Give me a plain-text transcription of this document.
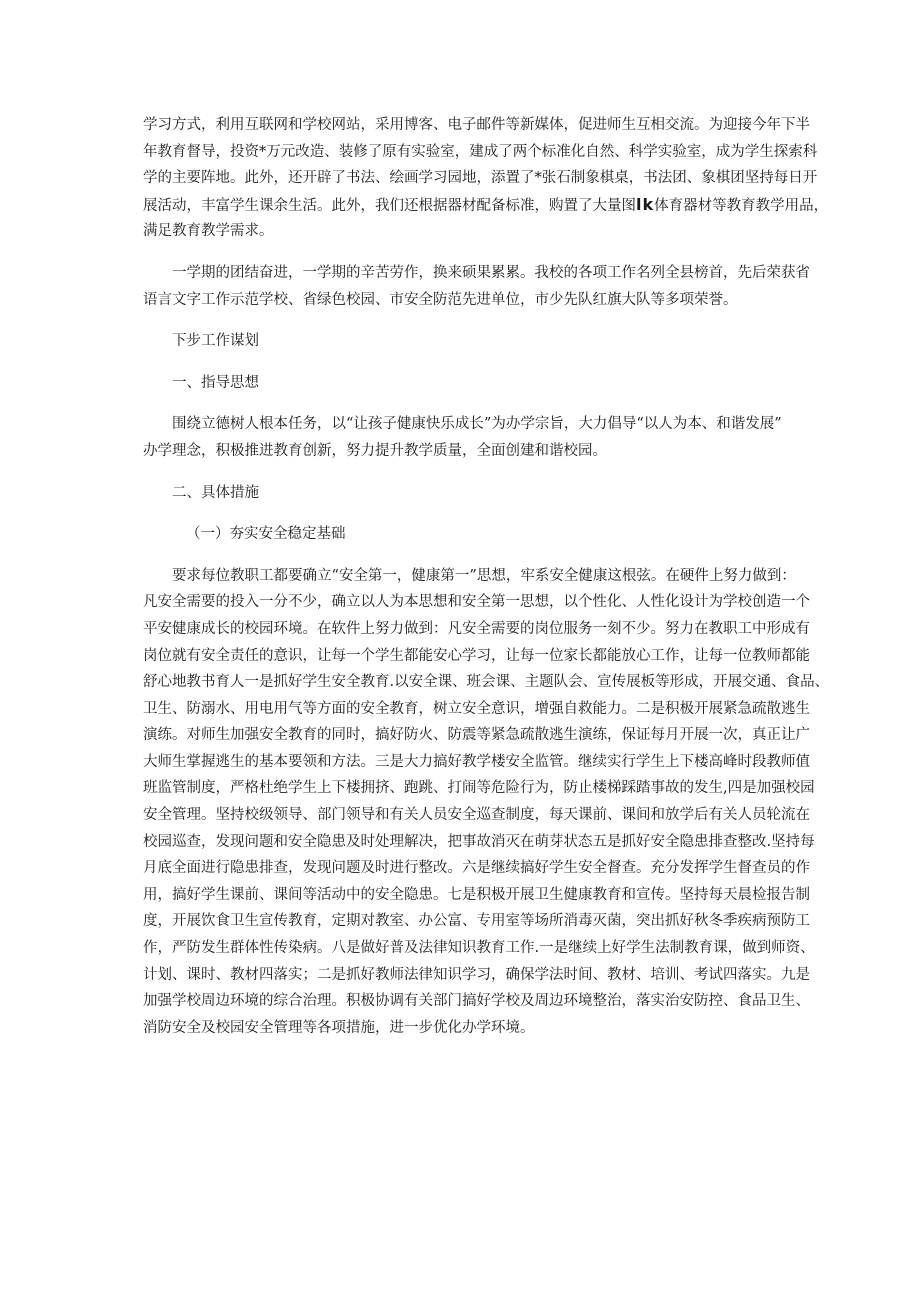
学习方式，利用互联网和学校网站，采用博客、电子邮件等新媒体，促进师生互相交流。为迎接今年下半
年教育督导，投资*万元改造、装修了原有实验室，建成了两个标准化自然、科学实验室，成为学生探索科
学的主要阵地。此外，还开辟了书法、绘画学习园地，添置了*张石制象棋桌，书法团、象棋团坚持每日开
展活动，丰富学生课余生活。此外，我们还根据器材配备标准，购置了大量图lk体育器材等教育教学用品，
满足教育教学需求。
一学期的团结奋进，一学期的辛苦劳作，换来硕果累累。我校的各项工作名列全县榜首，先后荣获省
语言文字工作示范学校、省绿色校园、市安全防范先进单位，市少先队红旗大队等多项荣誉。
下步工作谋划
一、指导思想
围绕立德树人根本任务，以“让孩子健康快乐成长”为办学宗旨，大力倡导“以人为本、和谐发展”
办学理念，积极推进教育创新，努力提升教学质量，全面创建和谐校园。
二、具体措施
（一）夯实安全稳定基础
要求每位教职工都要确立“安全第一，健康第一”思想，牢系安全健康这根弦。在硬件上努力做到：
凡安全需要的投入一分不少，确立以人为本思想和安全第一思想，以个性化、人性化设计为学校创造一个
平安健康成长的校园环境。在软件上努力做到：凡安全需要的岗位服务一刻不少。努力在教职工中形成有
岗位就有安全责任的意识，让每一个学生都能安心学习，让每一位家长都能放心工作，让每一位教师都能
舒心地教书育人一是抓好学生安全教育.以安全课、班会课、主题队会、宣传展板等形成，开展交通、食品、
卫生、防溺水、用电用气等方面的安全教育，树立安全意识，增强自救能力。二是积极开展紧急疏散逃生
演练。对师生加强安全教育的同时，搞好防火、防震等紧急疏散逃生演练，保证每月开展一次，真正让广
大师生掌握逃生的基本要领和方法。三是大力搞好教学楼安全监管。继续实行学生上下楼高峰时段教师值
班监管制度，严格杜绝学生上下楼拥挤、跑跳、打闹等危险行为，防止楼梯踩踏事故的发生,四是加强校园
安全管理。坚持校级领导、部门领导和有关人员安全巡查制度，每天课前、课间和放学后有关人员轮流在
校园巡查，发现问题和安全隐患及时处理解决，把事故消灭在萌芽状态五是抓好安全隐患排查整改.坚持每
月底全面进行隐患排查，发现问题及时进行整改。六是继续搞好学生安全督查。充分发挥学生督查员的作
用，搞好学生课前、课间等活动中的安全隐患。七是积极开展卫生健康教育和宣传。坚持每天晨检报告制
度，开展饮食卫生宣传教育，定期对教室、办公富、专用室等场所消毒灭菌，突出抓好秋冬季疾病预防工
作，严防发生群体性传染病。八是做好普及法律知识教育工作.一是继续上好学生法制教育课，做到师资、
计划、课时、教材四落实；二是抓好教师法律知识学习，确保学法时间、教材、培训、考试四落实。九是
加强学校周边环境的综合治理。积极协调有关部门搞好学校及周边环境整治，落实治安防控、食品卫生、
消防安全及校园安全管理等各项措施，进一步优化办学环境。
